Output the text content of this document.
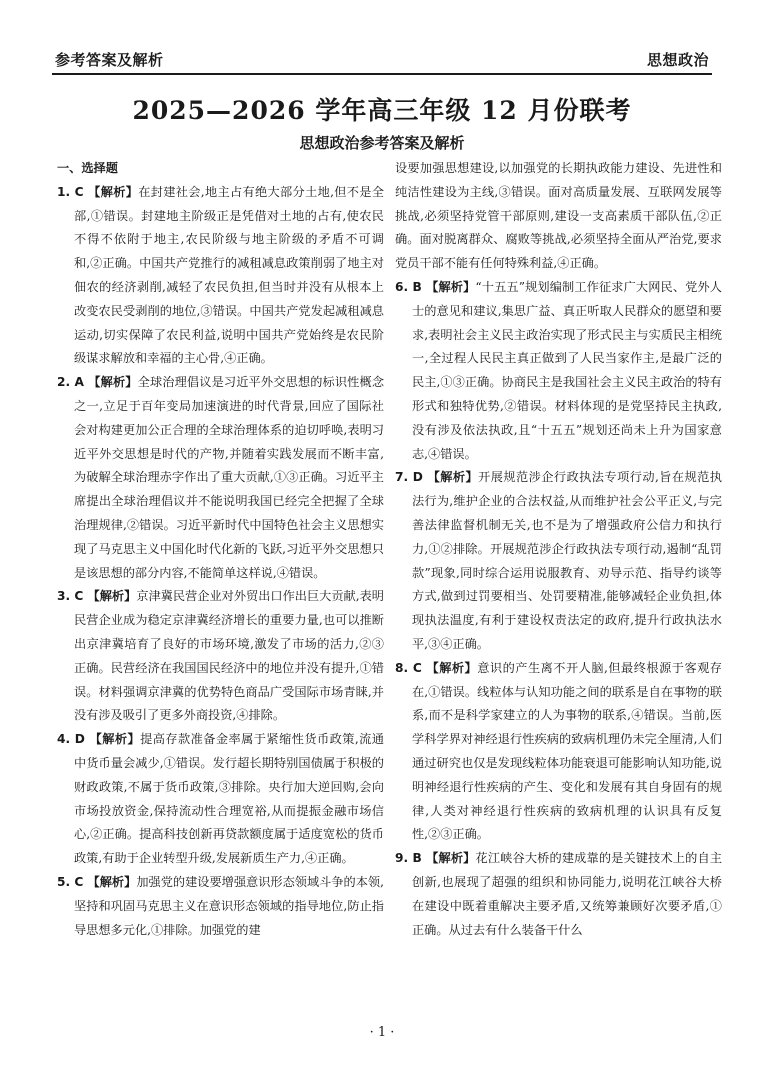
参考答案及解析	思想政治
2025—2026 学年高三年级 12 月份联考
思想政治参考答案及解析
一、选择题

1. C 【解析】在封建社会,地主占有绝大部分土地,但不是全部,①错误。封建地主阶级正是凭借对土地的占有,使农民不得不依附于地主,农民阶级与地主阶级的矛盾不可调和,②正确。中国共产党推行的减租减息政策削弱了地主对佃农的经济剥削,减轻了农民负担,但当时并没有从根本上改变农民受剥削的地位,③错误。中国共产党发起减租减息运动,切实保障了农民利益,说明中国共产党始终是农民阶级谋求解放和幸福的主心骨,④正确。

2. A 【解析】全球治理倡议是习近平外交思想的标识性概念之一,立足于百年变局加速演进的时代背景,回应了国际社会对构建更加公正合理的全球治理体系的迫切呼唤,表明习近平外交思想是时代的产物,并随着实践发展而不断丰富,为破解全球治理赤字作出了重大贡献,①③正确。习近平主席提出全球治理倡议并不能说明我国已经完全把握了全球治理规律,②错误。习近平新时代中国特色社会主义思想实现了马克思主义中国化时代化新的飞跃,习近平外交思想只是该思想的部分内容,不能简单这样说,④错误。

3. C 【解析】京津冀民营企业对外贸出口作出巨大贡献,表明民营企业成为稳定京津冀经济增长的重要力量,也可以推断出京津冀培育了良好的市场环境,激发了市场的活力,②③正确。民营经济在我国国民经济中的地位并没有提升,①错误。材料强调京津冀的优势特色商品广受国际市场青睐,并没有涉及吸引了更多外商投资,④排除。

4. D 【解析】提高存款准备金率属于紧缩性货币政策,流通中货币量会减少,①错误。发行超长期特别国债属于积极的财政政策,不属于货币政策,③排除。央行加大逆回购,会向市场投放资金,保持流动性合理宽裕,从而提振金融市场信心,②正确。提高科技创新再贷款额度属于适度宽松的货币政策,有助于企业转型升级,发展新质生产力,④正确。

5. C 【解析】加强党的建设要增强意识形态领域斗争的本领,坚持和巩固马克思主义在意识形态领域的指导地位,防止指导思想多元化,①排除。加强党的建

设要加强思想建设,以加强党的长期执政能力建设、先进性和纯洁性建设为主线,③错误。面对高质量发展、互联网发展等挑战,必须坚持党管干部原则,建设一支高素质干部队伍,②正确。面对脱离群众、腐败等挑战,必须坚持全面从严治党,要求党员干部不能有任何特殊利益,④正确。

6. B 【解析】“十五五”规划编制工作征求广大网民、党外人士的意见和建议,集思广益、真正听取人民群众的愿望和要求,表明社会主义民主政治实现了形式民主与实质民主相统一,全过程人民民主真正做到了人民当家作主,是最广泛的民主,①③正确。协商民主是我国社会主义民主政治的特有形式和独特优势,②错误。材料体现的是党坚持民主执政,没有涉及依法执政,且“十五五”规划还尚未上升为国家意志,④错误。

7. D 【解析】开展规范涉企行政执法专项行动,旨在规范执法行为,维护企业的合法权益,从而维护社会公平正义,与完善法律监督机制无关,也不是为了增强政府公信力和执行力,①②排除。开展规范涉企行政执法专项行动,遏制“乱罚款”现象,同时综合运用说服教育、劝导示范、指导约谈等方式,做到过罚要相当、处罚要精准,能够减轻企业负担,体现执法温度,有利于建设权责法定的政府,提升行政执法水平,③④正确。

8. C 【解析】意识的产生离不开人脑,但最终根源于客观存在,①错误。线粒体与认知功能之间的联系是自在事物的联系,而不是科学家建立的人为事物的联系,④错误。当前,医学科学界对神经退行性疾病的致病机理仍未完全厘清,人们通过研究也仅是发现线粒体功能衰退可能影响认知功能,说明神经退行性疾病的产生、变化和发展有其自身固有的规律,人类对神经退行性疾病的致病机理的认识具有反复性,②③正确。

9. B 【解析】花江峡谷大桥的建成靠的是关键技术上的自主创新,也展现了超强的组织和协同能力,说明花江峡谷大桥在建设中既着重解决主要矛盾,又统筹兼顾好次要矛盾,①正确。从过去有什么装备干什么

· 1 ·
